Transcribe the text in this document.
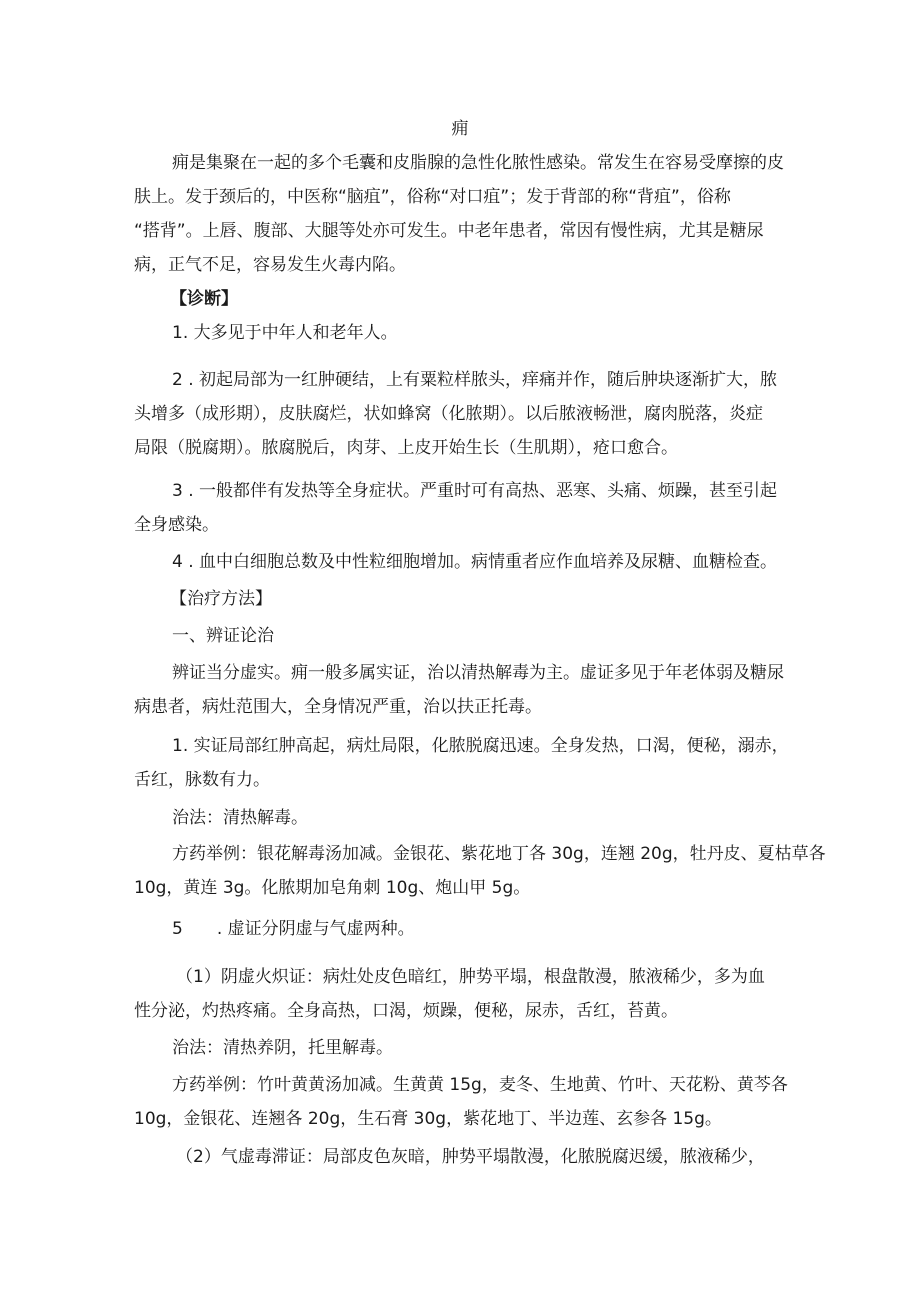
痈
痈是集聚在一起的多个毛囊和皮脂腺的急性化脓性感染。常发生在容易受摩擦的皮
肤上。发于颈后的，中医称“脑疽”，俗称“对口疽”；发于背部的称“背疽”，俗称
“搭背”。上唇、腹部、大腿等处亦可发生。中老年患者，常因有慢性病，尤其是糖尿
病，正气不足，容易发生火毒内陷。
【诊断】
1. 大多见于中年人和老年人。
2 . 初起局部为一红肿硬结，上有粟粒样脓头，痒痛并作，随后肿块逐渐扩大，脓
头增多（成形期），皮肤腐烂，状如蜂窝（化脓期）。以后脓液畅泄，腐肉脱落，炎症
局限（脱腐期）。脓腐脱后，肉芽、上皮开始生长（生肌期），疮口愈合。
3 . 一般都伴有发热等全身症状。严重时可有高热、恶寒、头痛、烦躁，甚至引起
全身感染。
4 . 血中白细胞总数及中性粒细胞增加。病情重者应作血培养及尿糖、血糖检查。
【治疗方法】
一、辨证论治
辨证当分虚实。痈一般多属实证，治以清热解毒为主。虚证多见于年老体弱及糖尿
病患者，病灶范围大，全身情况严重，治以扶正托毒。
1. 实证局部红肿高起，病灶局限，化脓脱腐迅速。全身发热，口渴，便秘，溺赤，
舌红，脉数有力。
治法：清热解毒。
方药举例：银花解毒汤加减。金银花、紫花地丁各 30g，连翘 20g，牡丹皮、夏枯草各
10g，黄连 3g。化脓期加皂角刺 10g、炮山甲 5g。
5　　. 虚证分阴虚与气虚两种。
（1）阴虚火炽证：病灶处皮色暗红，肿势平塌，根盘散漫，脓液稀少，多为血
性分泌，灼热疼痛。全身高热，口渴，烦躁，便秘，尿赤，舌红，苔黄。
治法：清热养阴，托里解毒。
方药举例：竹叶黄黄汤加减。生黄黄 15g，麦冬、生地黄、竹叶、天花粉、黄芩各
10g，金银花、连翘各 20g，生石膏 30g，紫花地丁、半边莲、玄参各 15g。
（2）气虚毒滞证：局部皮色灰暗，肿势平塌散漫，化脓脱腐迟缓，脓液稀少，
